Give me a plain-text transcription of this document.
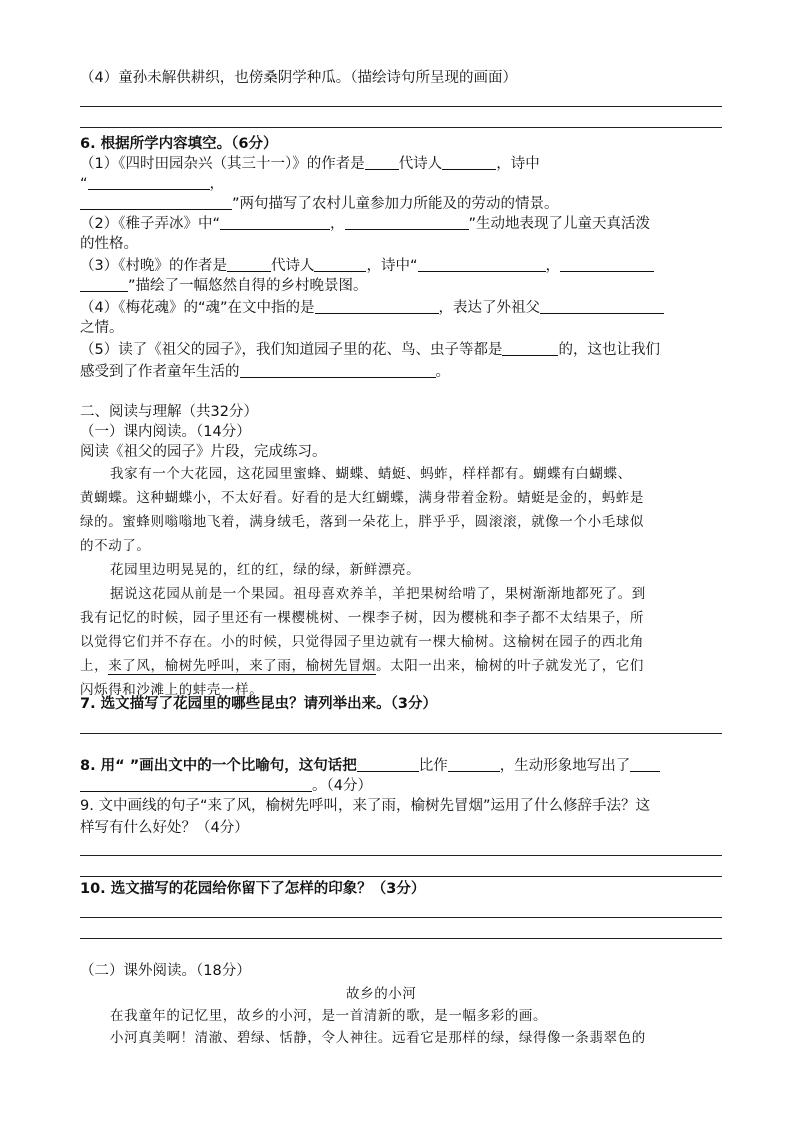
（4）童孙未解供耕织，也傍桑阴学种瓜。（描绘诗句所呈现的画面）
6. 根据所学内容填空。（6分）
（1）《四时田园杂兴（其三十一）》的作者是 代诗人	，诗中
“	，
”两句描写了农村儿童参加力所能及的劳动的情景。
（2）《稚子弄冰》中“	，	”生动地表现了儿童天真活泼
的性格。
（3）《村晚》的作者是	代诗人	，诗中“	，
”描绘了一幅悠然自得的乡村晚景图。
（4）《梅花魂》的“魂”在文中指的是	，表达了外祖父
之情。
（5）读了《祖父的园子》，我们知道园子里的花、鸟、虫子等都是	的，这也让我们
感受到了作者童年生活的	。
二、阅读与理解（共32分）
（一）课内阅读。（14分）
阅读《祖父的园子》片段，完成练习。
我家有一个大花园，这花园里蜜蜂、蝴蝶、蜻蜓、蚂蚱，样样都有。蝴蝶有白蝴蝶、
黄蝴蝶。这种蝴蝶小，不太好看。好看的是大红蝴蝶，满身带着金粉。蜻蜓是金的，蚂蚱是
绿的。蜜蜂则嗡嗡地飞着，满身绒毛，落到一朵花上，胖乎乎，圆滚滚，就像一个小毛球似
的不动了。
花园里边明晃晃的，红的红，绿的绿，新鲜漂亮。
据说这花园从前是一个果园。祖母喜欢养羊，羊把果树给啃了，果树渐渐地都死了。到
我有记忆的时候，园子里还有一棵樱桃树、一棵李子树，因为樱桃和李子都不太结果子，所
以觉得它们并不存在。小的时候，只觉得园子里边就有一棵大榆树。这榆树在园子的西北角
上，来了风，榆树先呼叫，来了雨，榆树先冒烟。太阳一出来，榆树的叶子就发光了，它们
闪烁得和沙滩上的蚌壳一样。
7. 选文描写了花园里的哪些昆虫？请列举出来。（3分）
8. 用“ ”画出文中的一个比喻句，这句话把	比作	，生动形象地写出了
。（4分）
9. 文中画线的句子“来了风，榆树先呼叫，来了雨，榆树先冒烟”运用了什么修辞手法？这
样写有什么好处？（4分）
10. 选文描写的花园给你留下了怎样的印象？（3分）
（二）课外阅读。（18分）
故乡的小河
在我童年的记忆里，故乡的小河，是一首清新的歌，是一幅多彩的画。
小河真美啊！清澈、碧绿、恬静，令人神往。远看它是那样的绿，绿得像一条翡翠色的
